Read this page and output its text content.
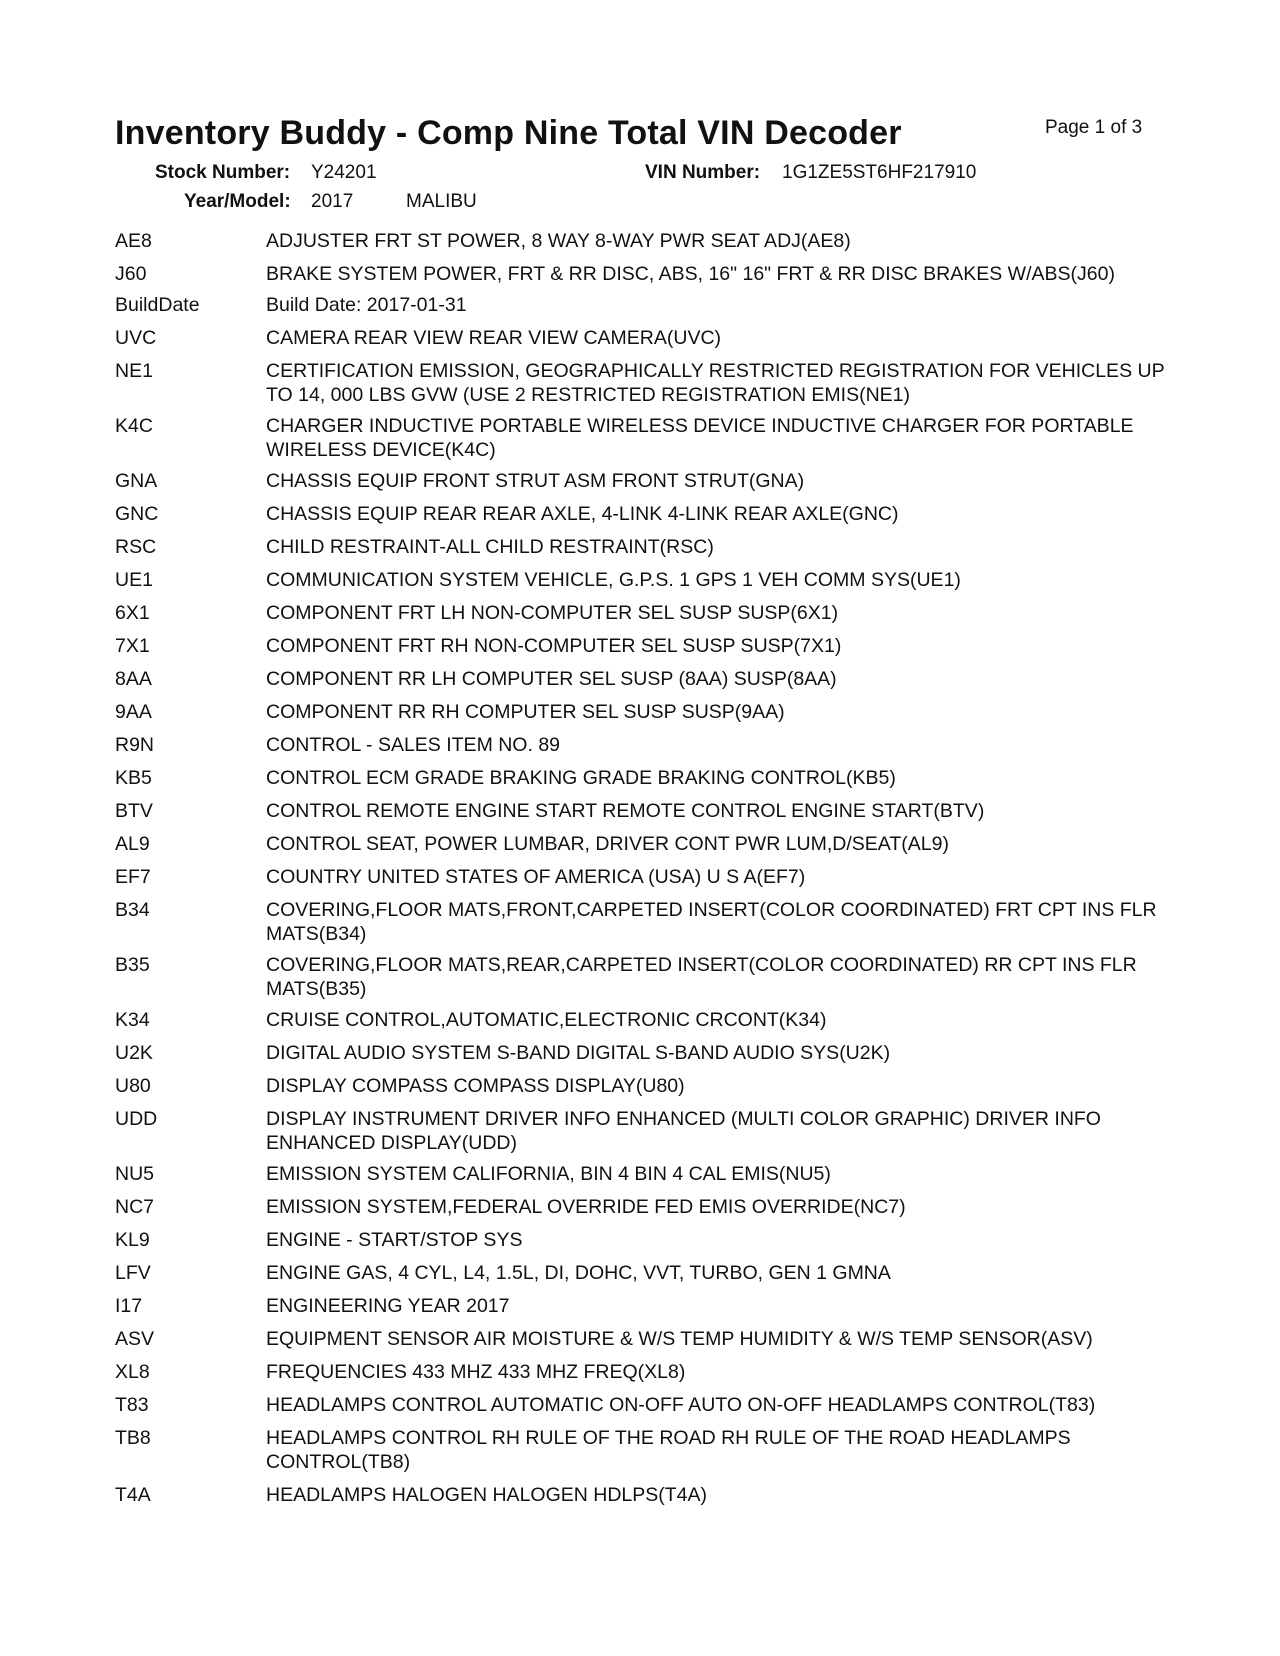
Inventory Buddy - Comp Nine Total VIN Decoder	Page 1 of 3
Stock Number: Y24201	VIN Number: 1G1ZE5ST6HF217910
Year/Model: 2017	MALIBU
AE8	ADJUSTER FRT ST POWER, 8 WAY 8-WAY PWR SEAT ADJ(AE8)
J60	BRAKE SYSTEM POWER, FRT & RR DISC, ABS, 16" 16" FRT & RR DISC BRAKES W/ABS(J60)
BuildDate	Build Date: 2017-01-31
UVC	CAMERA REAR VIEW REAR VIEW CAMERA(UVC)
NE1	CERTIFICATION EMISSION, GEOGRAPHICALLY RESTRICTED REGISTRATION FOR VEHICLES UP TO 14, 000 LBS GVW (USE 2 RESTRICTED REGISTRATION EMIS(NE1)
K4C	CHARGER INDUCTIVE PORTABLE WIRELESS DEVICE INDUCTIVE CHARGER FOR PORTABLE WIRELESS DEVICE(K4C)
GNA	CHASSIS EQUIP FRONT STRUT ASM FRONT STRUT(GNA)
GNC	CHASSIS EQUIP REAR REAR AXLE, 4-LINK 4-LINK REAR AXLE(GNC)
RSC	CHILD RESTRAINT-ALL CHILD RESTRAINT(RSC)
UE1	COMMUNICATION SYSTEM VEHICLE, G.P.S. 1 GPS 1 VEH COMM SYS(UE1)
6X1	COMPONENT FRT LH NON-COMPUTER SEL SUSP SUSP(6X1)
7X1	COMPONENT FRT RH NON-COMPUTER SEL SUSP SUSP(7X1)
8AA	COMPONENT RR LH COMPUTER SEL SUSP (8AA) SUSP(8AA)
9AA	COMPONENT RR RH COMPUTER SEL SUSP SUSP(9AA)
R9N	CONTROL - SALES ITEM NO. 89
KB5	CONTROL ECM GRADE BRAKING GRADE BRAKING CONTROL(KB5)
BTV	CONTROL REMOTE ENGINE START REMOTE CONTROL ENGINE START(BTV)
AL9	CONTROL SEAT, POWER LUMBAR, DRIVER CONT PWR LUM,D/SEAT(AL9)
EF7	COUNTRY UNITED STATES OF AMERICA (USA) U S A(EF7)
B34	COVERING,FLOOR MATS,FRONT,CARPETED INSERT(COLOR COORDINATED) FRT CPT INS FLR MATS(B34)
B35	COVERING,FLOOR MATS,REAR,CARPETED INSERT(COLOR COORDINATED) RR CPT INS FLR MATS(B35)
K34	CRUISE CONTROL,AUTOMATIC,ELECTRONIC CRCONT(K34)
U2K	DIGITAL AUDIO SYSTEM S-BAND DIGITAL S-BAND AUDIO SYS(U2K)
U80	DISPLAY COMPASS COMPASS DISPLAY(U80)
UDD	DISPLAY INSTRUMENT DRIVER INFO ENHANCED (MULTI COLOR GRAPHIC) DRIVER INFO ENHANCED DISPLAY(UDD)
NU5	EMISSION SYSTEM CALIFORNIA, BIN 4 BIN 4 CAL EMIS(NU5)
NC7	EMISSION SYSTEM,FEDERAL OVERRIDE FED EMIS OVERRIDE(NC7)
KL9	ENGINE - START/STOP SYS
LFV	ENGINE GAS, 4 CYL, L4, 1.5L, DI, DOHC, VVT, TURBO, GEN 1 GMNA
I17	ENGINEERING YEAR 2017
ASV	EQUIPMENT SENSOR AIR MOISTURE & W/S TEMP HUMIDITY & W/S TEMP SENSOR(ASV)
XL8	FREQUENCIES 433 MHZ 433 MHZ FREQ(XL8)
T83	HEADLAMPS CONTROL AUTOMATIC ON-OFF AUTO ON-OFF HEADLAMPS CONTROL(T83)
TB8	HEADLAMPS CONTROL RH RULE OF THE ROAD RH RULE OF THE ROAD HEADLAMPS CONTROL(TB8)
T4A	HEADLAMPS HALOGEN HALOGEN HDLPS(T4A)
